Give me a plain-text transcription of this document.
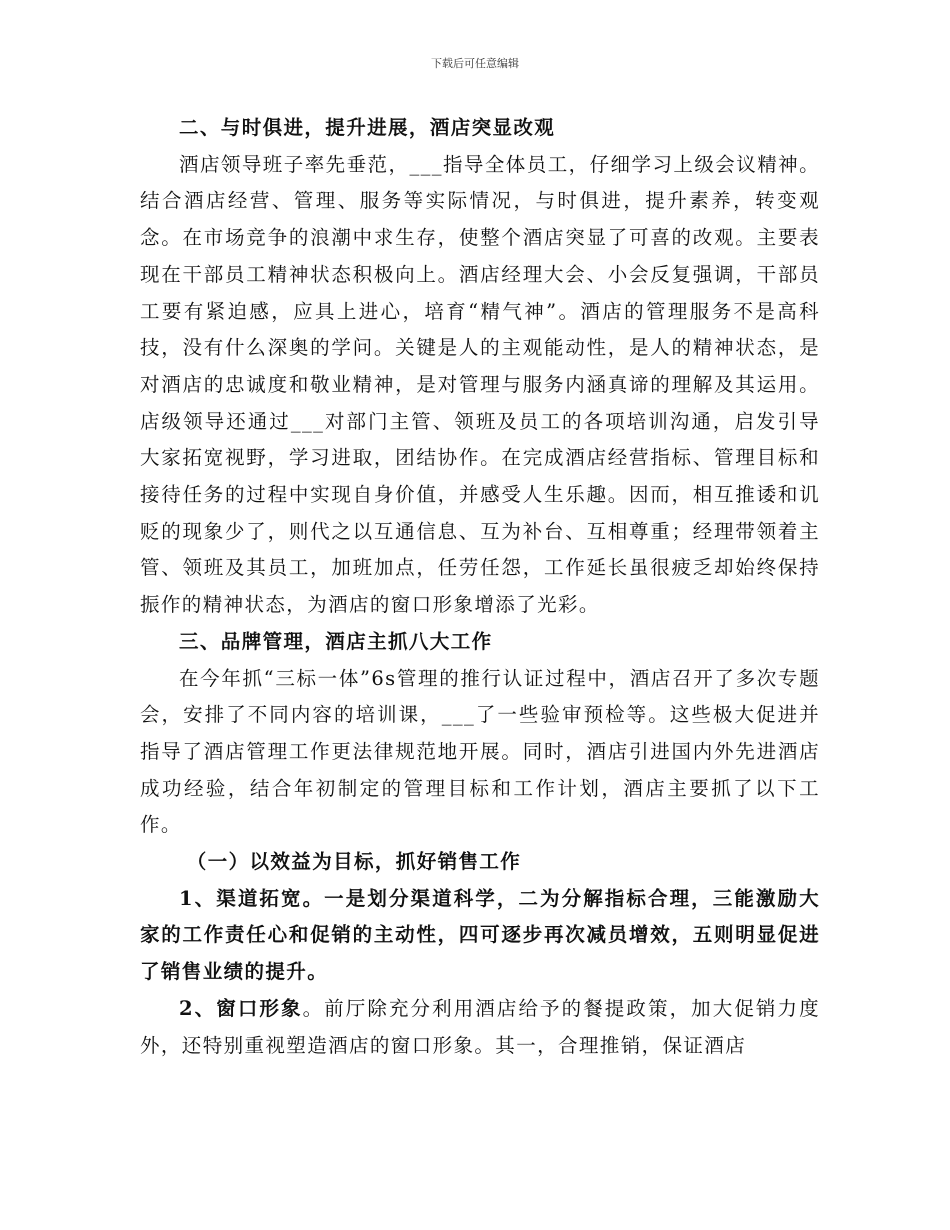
下载后可任意编辑

二、与时俱进，提升进展，酒店突显改观

酒店领导班子率先垂范，___指导全体员工，仔细学习上级会议精神。结合酒店经营、管理、服务等实际情况，与时俱进，提升素养，转变观念。在市场竞争的浪潮中求生存，使整个酒店突显了可喜的改观。主要表现在干部员工精神状态积极向上。酒店经理大会、小会反复强调，干部员工要有紧迫感，应具上进心，培育“精气神”。酒店的管理服务不是高科技，没有什么深奥的学问。关键是人的主观能动性，是人的精神状态，是对酒店的忠诚度和敬业精神，是对管理与服务内涵真谛的理解及其运用。店级领导还通过___对部门主管、领班及员工的各项培训沟通，启发引导大家拓宽视野，学习进取，团结协作。在完成酒店经营指标、管理目标和接待任务的过程中实现自身价值，并感受人生乐趣。因而，相互推诿和讥贬的现象少了，则代之以互通信息、互为补台、互相尊重；经理带领着主管、领班及其员工，加班加点，任劳任怨，工作延长虽很疲乏却始终保持振作的精神状态，为酒店的窗口形象增添了光彩。

三、品牌管理，酒店主抓八大工作

在今年抓“三标一体”6s管理的推行认证过程中，酒店召开了多次专题会，安排了不同内容的培训课，___了一些验审预检等。这些极大促进并指导了酒店管理工作更法律规范地开展。同时，酒店引进国内外先进酒店成功经验，结合年初制定的管理目标和工作计划，酒店主要抓了以下工作。

（一）以效益为目标，抓好销售工作

1、渠道拓宽。一是划分渠道科学，二为分解指标合理，三能激励大家的工作责任心和促销的主动性，四可逐步再次减员增效，五则明显促进了销售业绩的提升。

2、窗口形象。前厅除充分利用酒店给予的餐提政策，加大促销力度外，还特别重视塑造酒店的窗口形象。其一，合理推销，保证酒店
